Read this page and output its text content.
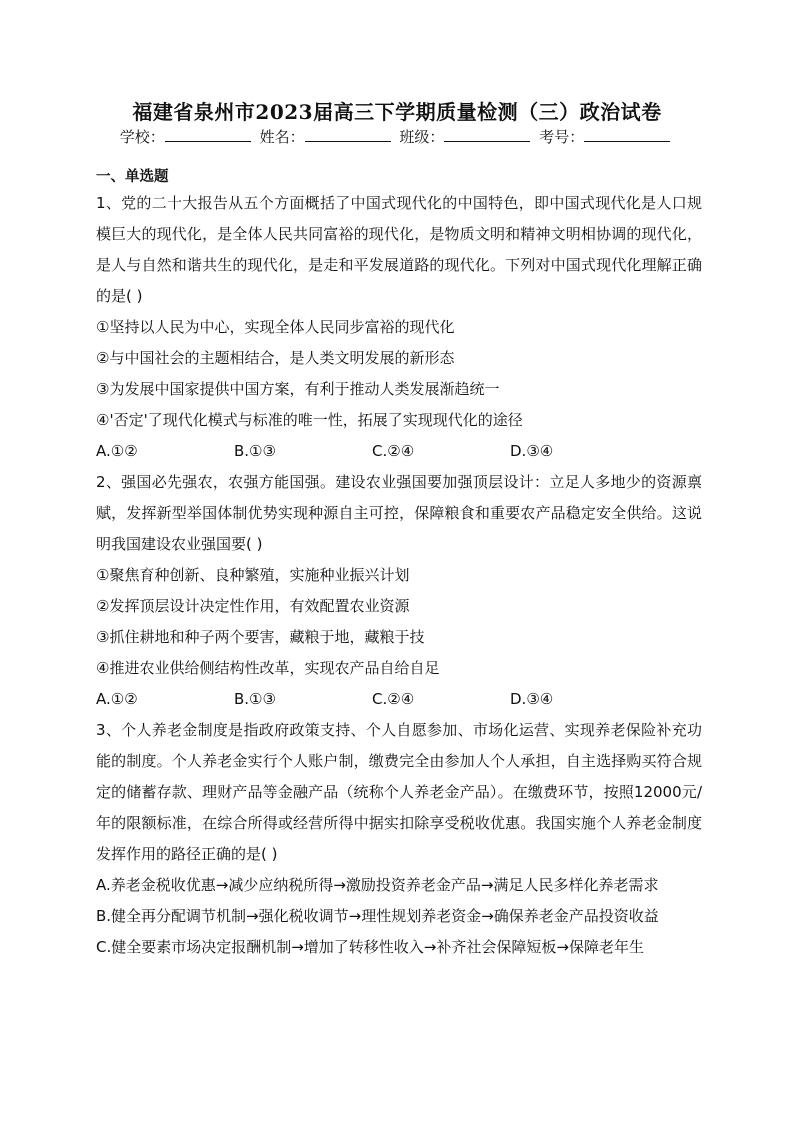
福建省泉州市2023届高三下学期质量检测（三）政治试卷
学校：	姓名：	班级：	考号：
一、单选题

1、党的二十大报告从五个方面概括了中国式现代化的中国特色，即中国式现代化是人口规模巨大的现代化，是全体人民共同富裕的现代化，是物质文明和精神文明相协调的现代化，是人与自然和谐共生的现代化，是走和平发展道路的现代化。下列对中国式现代化理解正确的是( )

①坚持以人民为中心，实现全体人民同步富裕的现代化

②与中国社会的主题相结合，是人类文明发展的新形态

③为发展中国家提供中国方案，有利于推动人类发展渐趋统一

④'否定'了现代化模式与标准的唯一性，拓展了实现现代化的途径

A.①②	B.①③	C.②④	D.③④

2、强国必先强农，农强方能国强。建设农业强国要加强顶层设计：立足人多地少的资源禀赋，发挥新型举国体制优势实现种源自主可控，保障粮食和重要农产品稳定安全供给。这说明我国建设农业强国要( )

①聚焦育种创新、良种繁殖，实施种业振兴计划

②发挥顶层设计决定性作用，有效配置农业资源

③抓住耕地和种子两个要害，藏粮于地，藏粮于技

④推进农业供给侧结构性改革，实现农产品自给自足

A.①②	B.①③	C.②④	D.③④

3、个人养老金制度是指政府政策支持、个人自愿参加、市场化运营、实现养老保险补充功能的制度。个人养老金实行个人账户制，缴费完全由参加人个人承担，自主选择购买符合规定的储蓄存款、理财产品等金融产品（统称个人养老金产品）。在缴费环节，按照12000元/年的限额标准，在综合所得或经营所得中据实扣除享受税收优惠。我国实施个人养老金制度发挥作用的路径正确的是( )

A.养老金税收优惠→减少应纳税所得→激励投资养老金产品→满足人民多样化养老需求

B.健全再分配调节机制→强化税收调节→理性规划养老资金→确保养老金产品投资收益

C.健全要素市场决定报酬机制→增加了转移性收入→补齐社会保障短板→保障老年生
